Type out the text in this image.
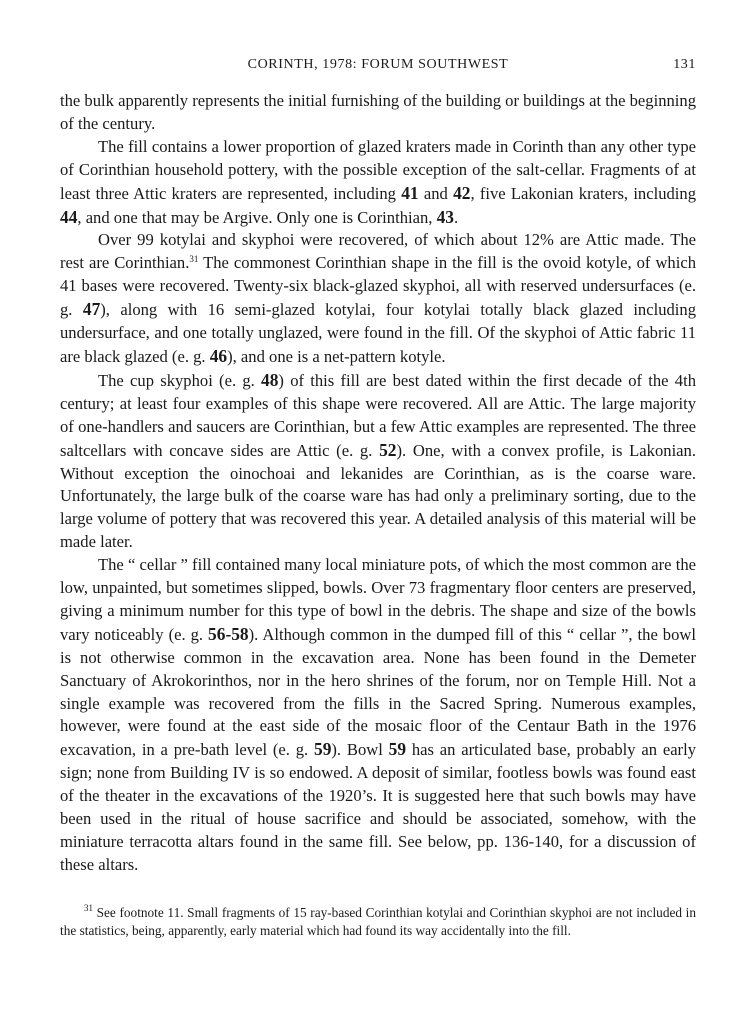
CORINTH, 1978: FORUM SOUTHWEST	131

the bulk apparently represents the initial furnishing of the building or buildings at the beginning of the century.

The fill contains a lower proportion of glazed kraters made in Corinth than any other type of Corinthian household pottery, with the possible exception of the salt-cellar. Fragments of at least three Attic kraters are represented, including 41 and 42, five Lakonian kraters, including 44, and one that may be Argive. Only one is Corinthian, 43.

Over 99 kotylai and skyphoi were recovered, of which about 12% are Attic made. The rest are Corinthian.$^{31}$ The commonest Corinthian shape in the fill is the ovoid kotyle, of which 41 bases were recovered. Twenty-six black-glazed skyphoi, all with reserved undersurfaces (e. g. 47), along with 16 semi-glazed kotylai, four kotylai totally black glazed including undersurface, and one totally unglazed, were found in the fill. Of the skyphoi of Attic fabric 11 are black glazed (e. g. 46), and one is a net-pattern kotyle.

The cup skyphoi (e. g. 48) of this fill are best dated within the first decade of the 4th century; at least four examples of this shape were recovered. All are Attic. The large majority of one-handlers and saucers are Corinthian, but a few Attic examples are represented. The three saltcellars with concave sides are Attic (e. g. 52). One, with a convex profile, is Lakonian. Without exception the oinochoai and lekanides are Corinthian, as is the coarse ware. Unfortunately, the large bulk of the coarse ware has had only a preliminary sorting, due to the large volume of pottery that was recovered this year. A detailed analysis of this material will be made later.

The “ cellar ” fill contained many local miniature pots, of which the most common are the low, unpainted, but sometimes slipped, bowls. Over 73 fragmentary floor centers are preserved, giving a minimum number for this type of bowl in the debris. The shape and size of the bowls vary noticeably (e. g. 56-58). Although common in the dumped fill of this “ cellar ”, the bowl is not otherwise common in the excavation area. None has been found in the Demeter Sanctuary of Akrokorinthos, nor in the hero shrines of the forum, nor on Temple Hill. Not a single example was recovered from the fills in the Sacred Spring. Numerous examples, however, were found at the east side of the mosaic floor of the Centaur Bath in the 1976 excavation, in a pre-bath level (e. g. 59). Bowl 59 has an articulated base, probably an early sign; none from Building IV is so endowed. A deposit of similar, footless bowls was found east of the theater in the excavations of the 1920’s. It is suggested here that such bowls may have been used in the ritual of house sacrifice and should be associated, somehow, with the miniature terracotta altars found in the same fill. See below, pp. 136-140, for a discussion of these altars.

$^{31}$ See footnote 11. Small fragments of 15 ray-based Corinthian kotylai and Corinthian skyphoi are not included in the statistics, being, apparently, early material which had found its way accidentally into the fill.
